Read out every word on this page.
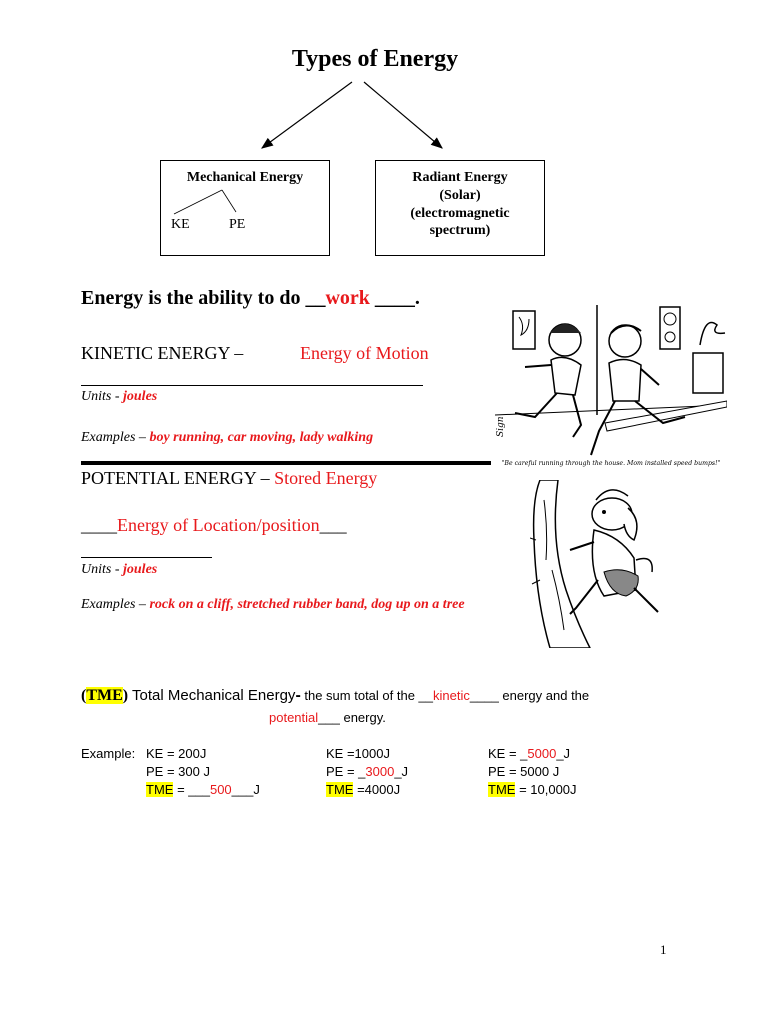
Types of Energy
Mechanical Energy
KE	PE
Radiant Energy
(Solar)
(electromagnetic
spectrum)
Energy is the ability to do __work ____.
KINETIC ENERGY –	Energy of Motion
Units - joules
Examples – boy running, car moving, lady walking
Sign
"Be careful running through the house. Mom installed speed bumps!"
POTENTIAL ENERGY – Stored Energy
____Energy of Location/position___
Units - joules
Examples – rock on a cliff, stretched rubber band, dog up on a tree
(TME) Total Mechanical Energy- the sum total of the __kinetic____ energy and the
potential___ energy.
Example: KE = 200J
PE = 300 J
TME = ___500___J
KE =1000J
PE = _3000_J
TME =4000J
KE = _5000_J
PE = 5000 J
TME = 10,000J
1
